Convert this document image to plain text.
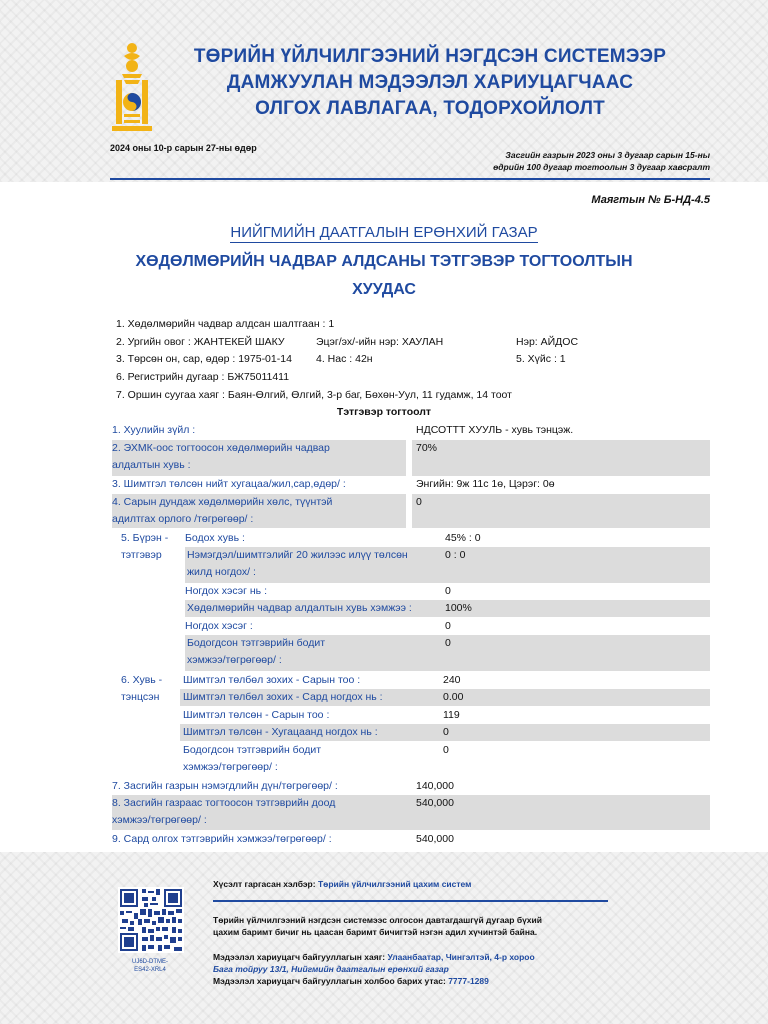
ТӨРИЙН ҮЙЛЧИЛГЭЭНИЙ НЭГДСЭН СИСТЕМЭЭР
ДАМЖУУЛАН МЭДЭЭЛЭЛ ХАРИУЦАГЧААС
ОЛГОХ ЛАВЛАГАА, ТОДОРХОЙЛОЛТ
2024 оны 10-р сарын 27-ны өдөр
Засгийн газрын 2023 оны 3 дугаар сарын 15-ны
өдрийн 100 дугаар тогтоолын 3 дугаар хавсралт
Маягтын № Б-НД-4.5
НИЙГМИЙН ДААТГАЛЫН ЕРӨНХИЙ ГАЗАР
ХӨДӨЛМӨРИЙН ЧАДВАР АЛДСАНЫ ТЭТГЭВЭР ТОГТООЛТЫН
ХУУДАС
1. Хөдөлмөрийн чадвар алдсан шалтгаан : 1
2. Ургийн овог : ЖАНТЕКЕЙ ШАКУ	Эцэг/эх/-ийн нэр: ХАУЛАН	Нэр: АЙДОС
3. Төрсөн он, сар, өдөр : 1975-01-14 4. Нас : 42н	5. Хүйс : 1
6. Регистрийн дугаар : БЖ75011411
7. Оршин суугаа хаяг : Баян-Өлгий, Өлгий, 3-р баг, Бөхөн-Уул, 11 гудамж, 14 тоот
Тэтгэвэр тогтоолт
1. Хуулийн зүйл :	НДСОТТТ ХУУЛЬ - хувь тэнцэж.
2. ЭХМК-оос тогтоосон хөдөлмөрийн чадвар
алдалтын хувь :
70%
3. Шимтгэл төлсөн нийт хугацаа/жил,сар,өдөр/ :	Энгийн: 9ж 11с 1ө, Цэрэг: 0ө
4. Сарын дундаж хөдөлмөрийн хөлс, түүнтэй
адилтгах орлого /төгрөгөөр/ :
0
5. Бүрэн -
тэтгэвэр
Бодох хувь :	45% : 0
Нэмэгдэл/шимтгэлийг 20 жилээс илүү төлсөн
жилд ногдох/ :
0 : 0
Ногдох хэсэг нь :	0
Хөдөлмөрийн чадвар алдалтын хувь хэмжээ :	100%
Ногдох хэсэг :	0
Бодогдсон тэтгэврийн бодит
хэмжээ/төгрөгөөр/ :
0
6. Хувь -
тэнцсэн
Шимтгэл төлбөл зохих - Сарын тоо :	240
Шимтгэл төлбөл зохих - Сард ногдох нь :	0.00
Шимтгэл төлсөн - Сарын тоо :	119
Шимтгэл төлсөн - Хугацаанд ногдох нь :	0
Бодогдсон тэтгэврийн бодит
хэмжээ/төгрөгөөр/ :
0
7. Засгийн газрын нэмэгдлийн дүн/төгрөгөөр/ :	140,000
8. Засгийн газраас тогтоосон тэтгэврийн доод
хэмжээ/төгрөгөөр/ :
540,000
9. Сард олгох тэтгэврийн хэмжээ/төгрөгөөр/ :	540,000
UJ6D-DTME-
ES42-XRL4
Хүсэлт гаргасан хэлбэр: Төрийн үйлчилгээний цахим систем
Төрийн үйлчилгээний нэгдсэн системээс олгосон давтагдашгүй дугаар бүхий
цахим баримт бичиг нь цаасан баримт бичигтэй нэгэн адил хүчинтэй байна.
Мэдээлэл хариуцагч байгууллагын хаяг: Улаанбаатар, Чингэлтэй, 4-р хороо
Бага тойруу 13/1, Нийгмийн даатгалын ерөнхий газар
Мэдээлэл хариуцагч байгууллагын холбоо барих утас: 7777-1289
